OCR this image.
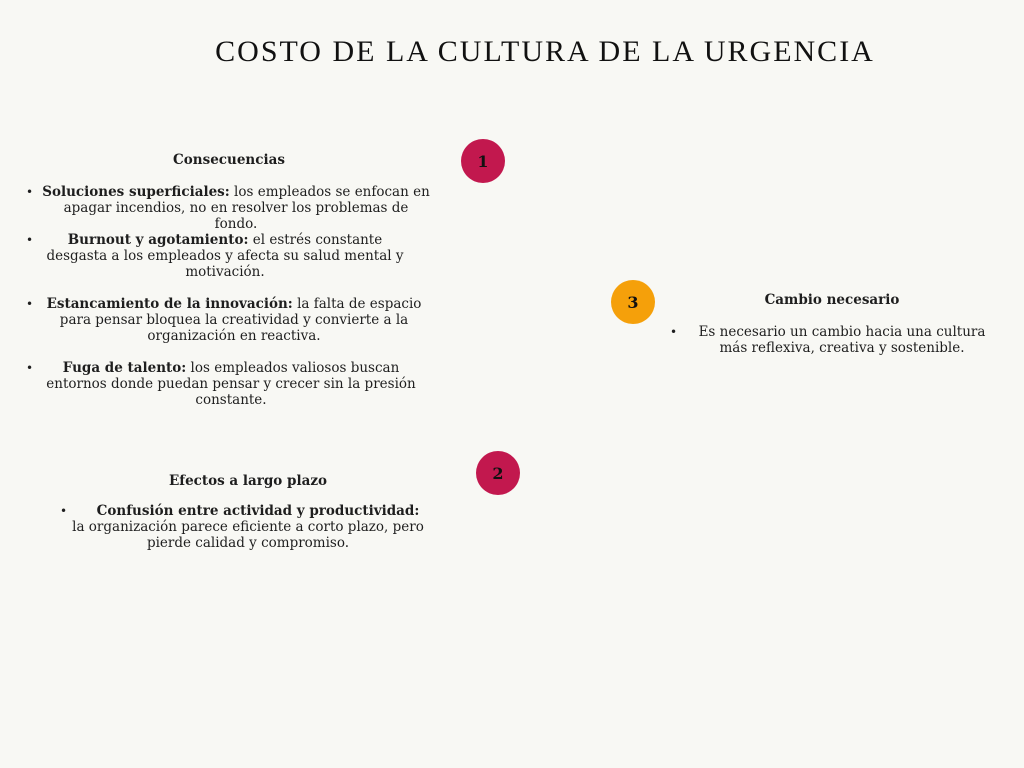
COSTO DE LA CULTURA DE LA URGENCIA
1
2
3
Consecuencias
• Soluciones superficiales: los empleados se enfocan en apagar incendios, no en resolver los problemas de fondo.
•	Burnout y agotamiento: el estrés constante desgasta a los empleados y afecta su salud mental y motivación.
• Estancamiento de la innovación: la falta de espacio para pensar bloquea la creatividad y convierte a la organización en reactiva.
• Fuga de talento: los empleados valiosos buscan entornos donde puedan pensar y crecer sin la presión constante.
Efectos a largo plazo
• Confusión entre actividad y productividad:
la organización parece eficiente a corto plazo, pero pierde calidad y compromiso.
Cambio necesario
• Es necesario un cambio hacia una cultura más reflexiva, creativa y sostenible.
